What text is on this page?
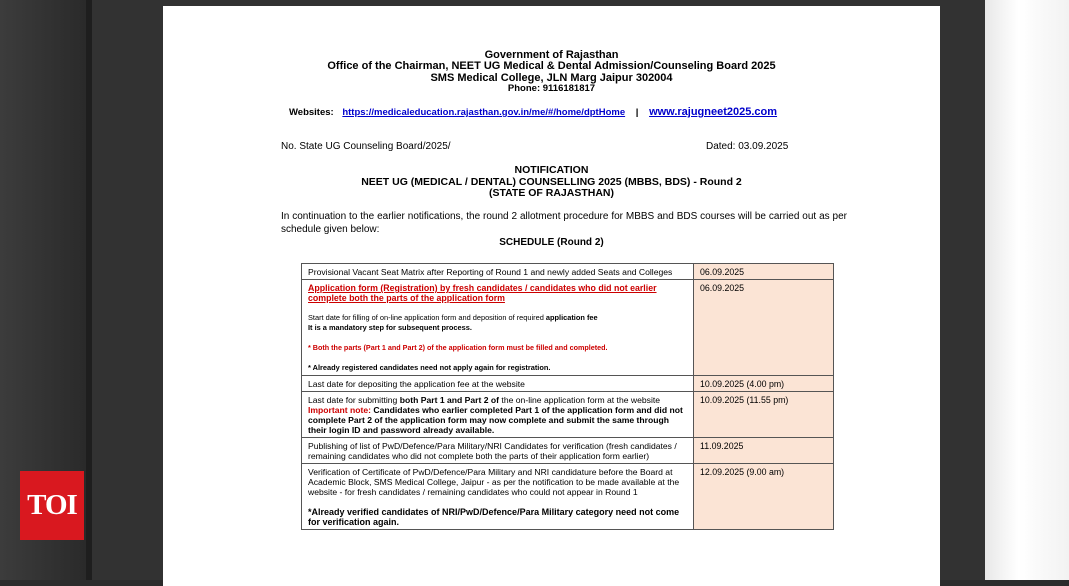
Government of Rajasthan
Office of the Chairman, NEET UG Medical & Dental Admission/Counseling Board 2025
SMS Medical College, JLN Marg Jaipur 302004
Phone: 9116181817
Websites: https://medicaleducation.rajasthan.gov.in/me/#/home/dptHome | www.rajugneet2025.com
No. State UG Counseling Board/2025/	Dated: 03.09.2025
NOTIFICATION
NEET UG (MEDICAL / DENTAL) COUNSELLING 2025 (MBBS, BDS) - Round 2
(STATE OF RAJASTHAN)
In continuation to the earlier notifications, the round 2 allotment procedure for MBBS and BDS courses will be carried out as per schedule given below:
SCHEDULE (Round 2)
Provisional Vacant Seat Matrix after Reporting of Round 1 and newly added Seats and Colleges	06.09.2025

Application form (Registration) by fresh candidates / candidates who did not earlier complete both the parts of the application form
Start date for filling of on-line application form and deposition of required application fee
It is a mandatory step for subsequent process.
* Both the parts (Part 1 and Part 2) of the application form must be filled and completed.
* Already registered candidates need not apply again for registration.	06.09.2025
Last date for depositing the application fee at the website	10.09.2025 (4.00 pm)

Last date for submitting both Part 1 and Part 2 of the on-line application form at the website
Important note: Candidates who earlier completed Part 1 of the application form and did not complete Part 2 of the application form may now complete and submit the same through their login ID and password already available.	10.09.2025 (11.55 pm)
Publishing of list of PwD/Defence/Para Military/NRI Candidates for verification (fresh candidates / remaining candidates who did not complete both the parts of their application form earlier)	11.09.2025

Verification of Certificate of PwD/Defence/Para Military and NRI candidature before the Board at Academic Block, SMS Medical College, Jaipur - as per the notification to be made available at the website - for fresh candidates / remaining candidates who could not appear in Round 1
*Already verified candidates of NRI/PwD/Defence/Para Military category need not come for verification again.	12.09.2025 (9.00 am)
TOI
